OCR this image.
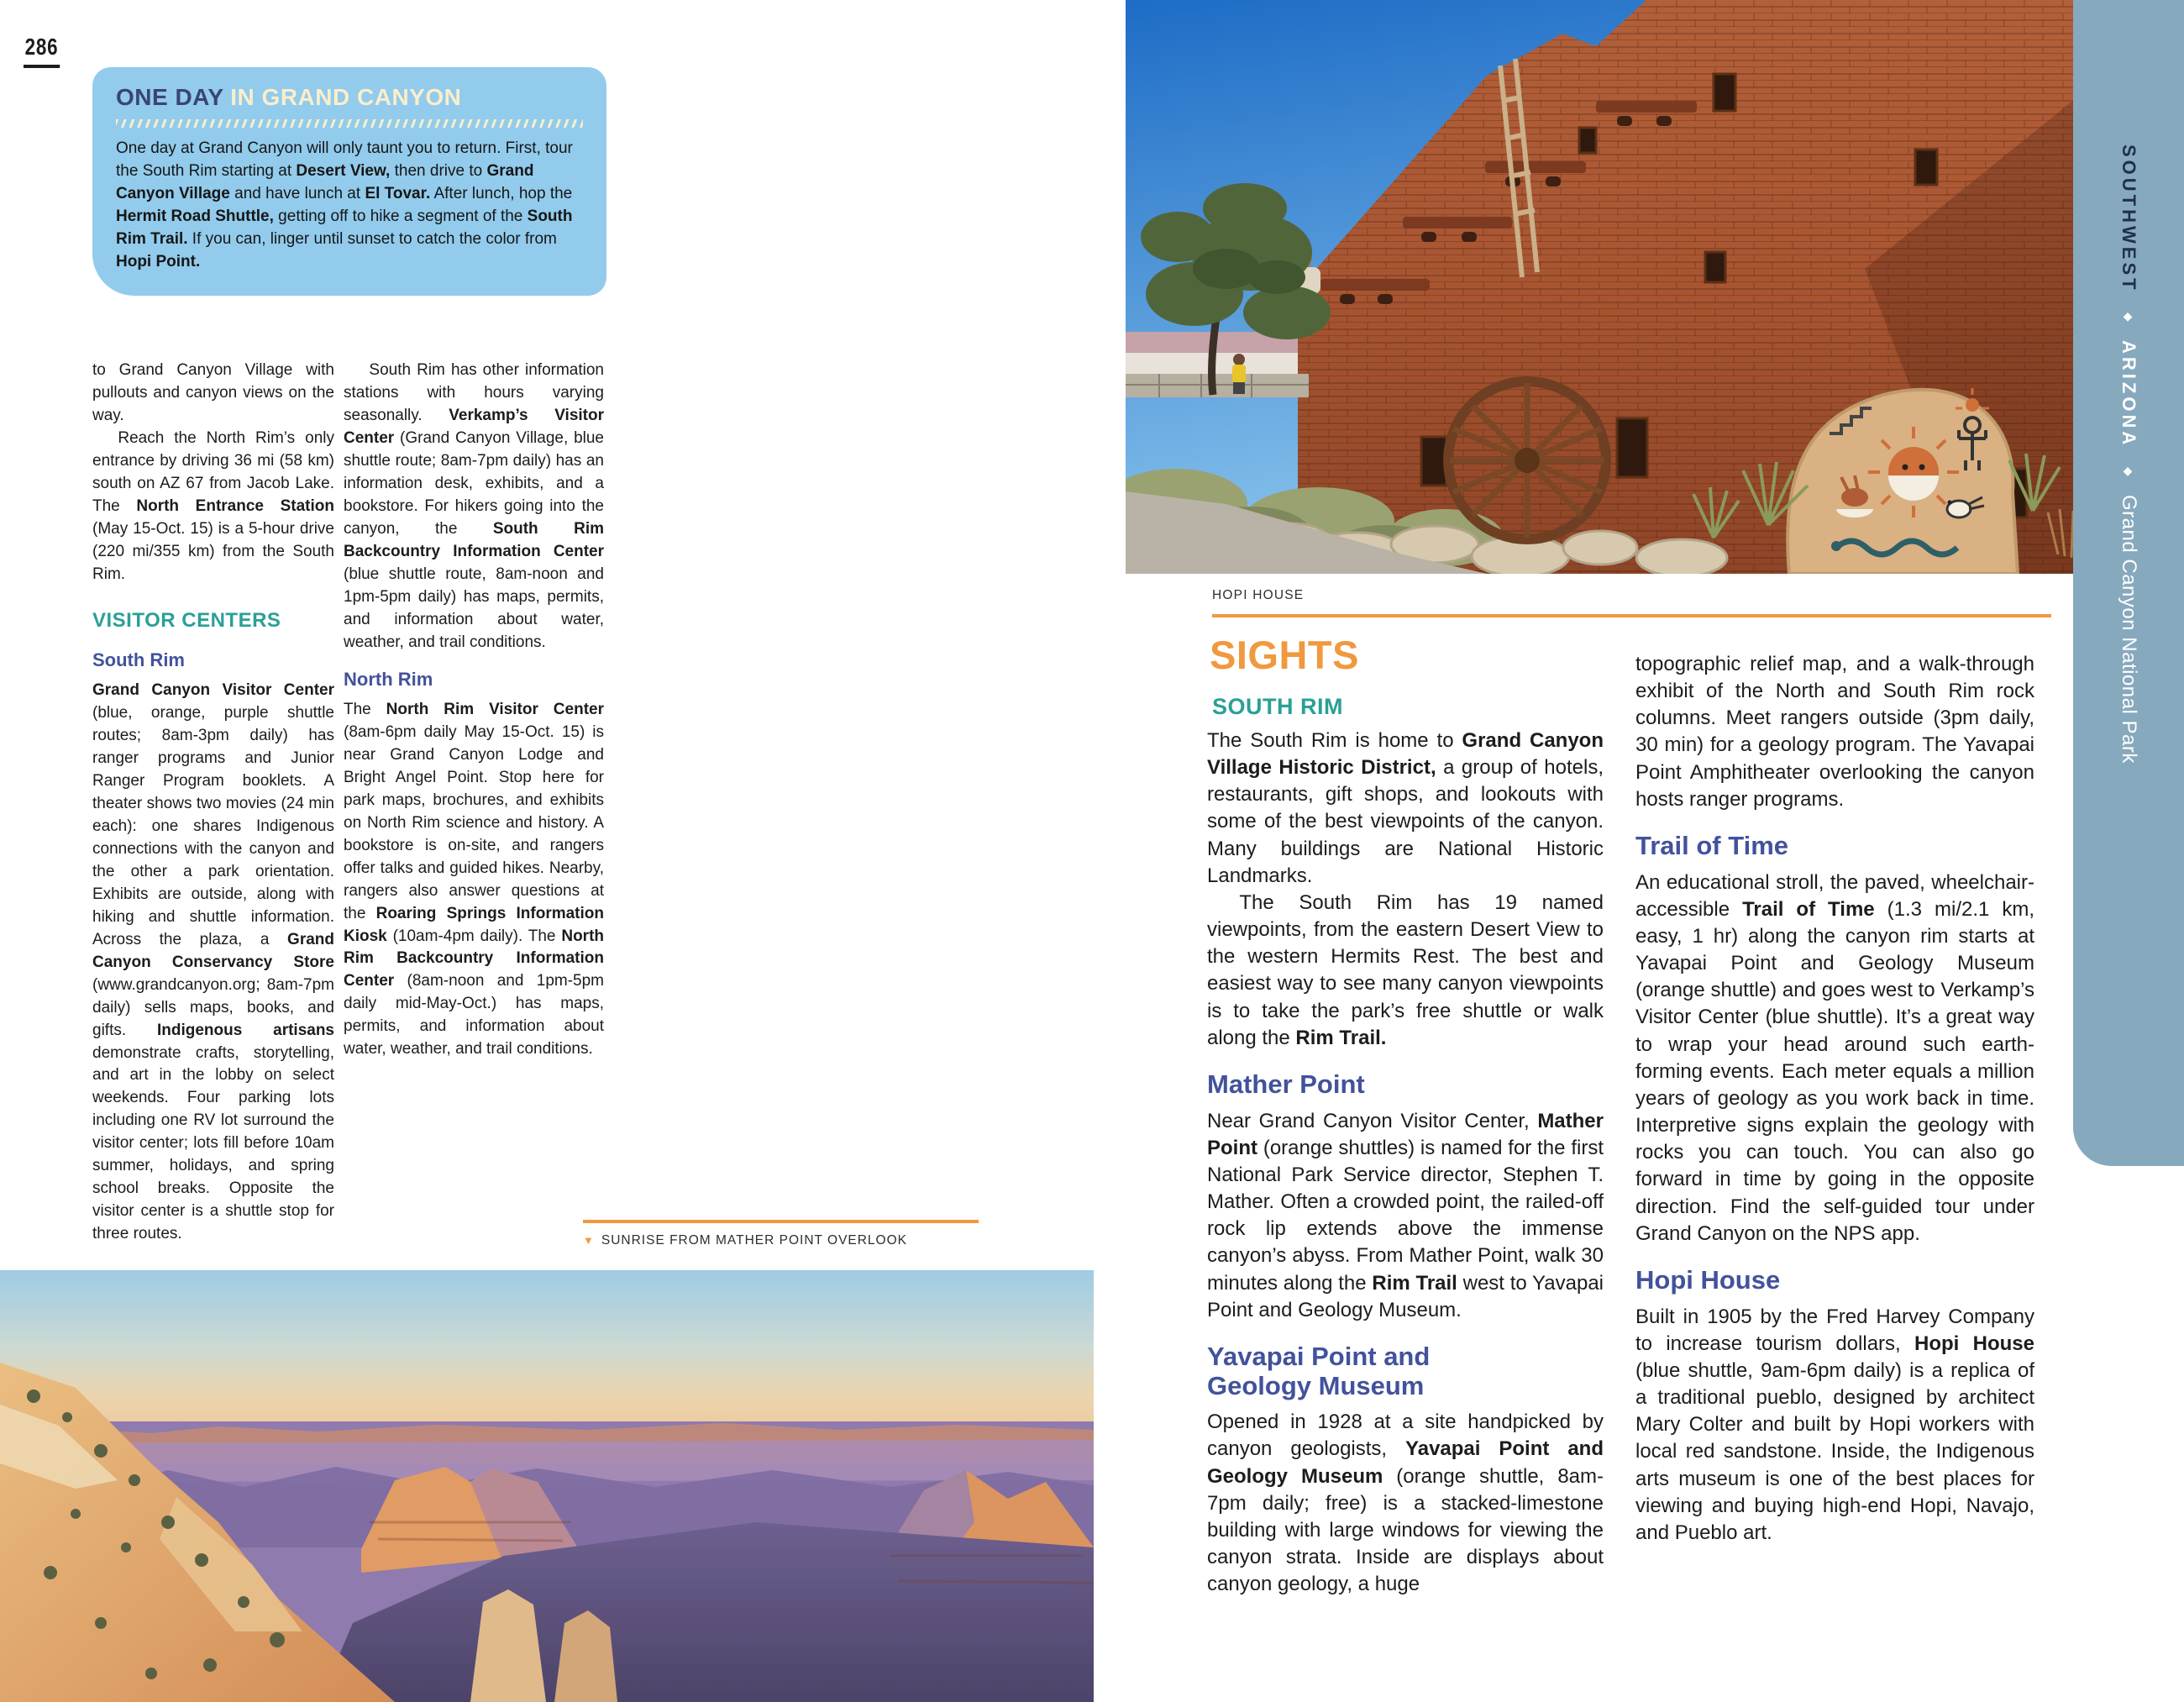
286
ONE DAY IN GRAND CANYON
One day at Grand Canyon will only taunt you to return. First, tour the South Rim starting at Desert View, then drive to Grand Canyon Village and have lunch at El Tovar. After lunch, hop the Hermit Road Shuttle, getting off to hike a segment of the South Rim Trail. If you can, linger until sunset to catch the color from Hopi Point.

to Grand Canyon Village with pullouts and canyon views on the way.

Reach the North Rim’s only entrance by driving 36 mi (58 km) south on AZ 67 from Jacob Lake. The North Entrance Station (May 15-Oct. 15) is a 5-hour drive (220 mi/355 km) from the South Rim.

VISITOR CENTERS
South Rim

Grand Canyon Visitor Center (blue, orange, purple shuttle routes; 8am-3pm daily) has ranger programs and Junior Ranger Program booklets. A theater shows two movies (24 min each): one shares Indigenous connections with the canyon and the other a park orientation. Exhibits are outside, along with hiking and shuttle information. Across the plaza, a Grand Canyon Conservancy Store (www.grandcanyon.org; 8am-7pm daily) sells maps, books, and gifts. Indigenous artisans demonstrate crafts, storytelling, and art in the lobby on select weekends. Four parking lots including one RV lot surround the visitor center; lots fill before 10am summer, holidays, and spring school breaks. Opposite the visitor center is a shuttle stop for three routes.

South Rim has other information stations with hours varying seasonally. Verkamp’s Visitor Center (Grand Canyon Village, blue shuttle route; 8am-7pm daily) has an information desk, exhibits, and a bookstore. For hikers going into the canyon, the South Rim Backcountry Information Center (blue shuttle route, 8am-noon and 1pm-5pm daily) has maps, permits, and information about water, weather, and trail conditions.

North Rim

The North Rim Visitor Center (8am-6pm daily May 15-Oct. 15) is near Grand Canyon Lodge and Bright Angel Point. Stop here for park maps, brochures, and exhibits on North Rim science and history. A bookstore is on-site, and rangers offer talks and guided hikes. Nearby, rangers also answer questions at the Roaring Springs Information Kiosk (10am-4pm daily). The North Rim Backcountry Information Center (8am-noon and 1pm-5pm daily mid-May-Oct.) has maps, permits, and information about water, weather, and trail conditions.

▼ SUNRISE FROM MATHER POINT OVERLOOK
HOPI HOUSE
SIGHTS
SOUTH RIM

The South Rim is home to Grand Canyon Village Historic District, a group of hotels, restaurants, gift shops, and lookouts with some of the best viewpoints of the canyon. Many buildings are National Historic Landmarks.

The South Rim has 19 named viewpoints, from the eastern Desert View to the western Hermits Rest. The best and easiest way to see many canyon viewpoints is to take the park’s free shuttle or walk along the Rim Trail.

Mather Point

Near Grand Canyon Visitor Center, Mather Point (orange shuttles) is named for the first National Park Service director, Stephen T. Mather. Often a crowded point, the railed-off rock lip extends above the immense canyon’s abyss. From Mather Point, walk 30 minutes along the Rim Trail west to Yavapai Point and Geology Museum.

Yavapai Point and Geology Museum

Opened in 1928 at a site handpicked by canyon geologists, Yavapai Point and Geology Museum (orange shuttle, 8am-7pm daily; free) is a stacked-limestone building with large windows for viewing the canyon strata. Inside are displays about canyon geology, a huge

topographic relief map, and a walk-through exhibit of the North and South Rim rock columns. Meet rangers outside (3pm daily, 30 min) for a geology program. The Yavapai Point Amphitheater overlooking the canyon hosts ranger programs.

Trail of Time

An educational stroll, the paved, wheelchair-accessible Trail of Time (1.3 mi/2.1 km, easy, 1 hr) along the canyon rim starts at Yavapai Point and Geology Museum (orange shuttle) and goes west to Verkamp’s Visitor Center (blue shuttle). It’s a great way to wrap your head around such earth-forming events. Each meter equals a million years of geology as you work back in time. Interpretive signs explain the geology with rocks you can touch. You can also go forward in time by going in the opposite direction. Find the self-guided tour under Grand Canyon on the NPS app.

Hopi House

Built in 1905 by the Fred Harvey Company to increase tourism dollars, Hopi House (blue shuttle, 9am-6pm daily) is a replica of a traditional pueblo, designed by architect Mary Colter and built by Hopi workers with local red sandstone. Inside, the Indigenous arts museum is one of the best places for viewing and buying high-end Hopi, Navajo, and Pueblo art.

SOUTHWEST
◆
ARIZONA
◆
Grand Canyon National Park
